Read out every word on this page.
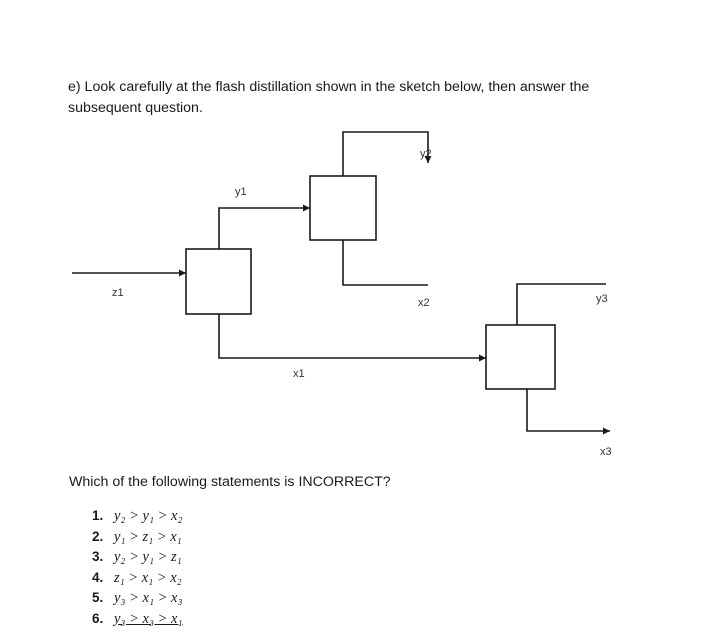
e) Look carefully at the flash distillation shown in the sketch below, then answer the subsequent question.

z1
y1
y2
x2
x1
y3
x3

Which of the following statements is INCORRECT?

1. y₂ > y₁ > x₂
2. y₁ > z₁ > x₁
3. y₂ > y₁ > z₁
4. z₁ > x₁ > x₂
5. y₃ > x₁ > x₃
6. y₃ > x₃ > x₁
